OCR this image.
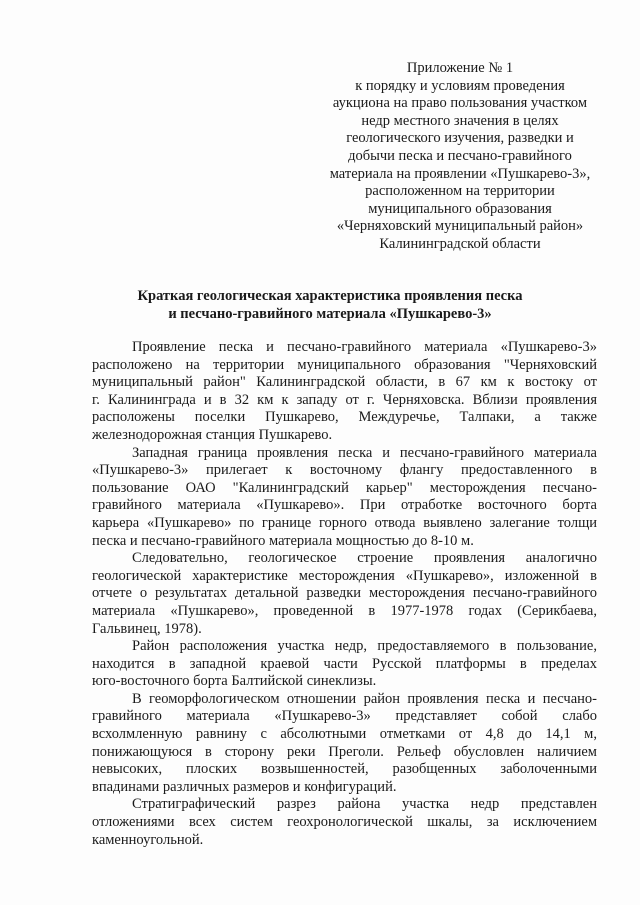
Приложение № 1
к порядку и условиям проведения
аукциона на право пользования участком
недр местного значения в целях
геологического изучения, разведки и
добычи песка и песчано-гравийного
материала на проявлении «Пушкарево-3»,
расположенном на территории
муниципального образования
«Черняховский муниципальный район»
Калининградской области
Краткая геологическая характеристика проявления песка
и песчано-гравийного материала «Пушкарево-3»
Проявление песка и песчано-гравийного материала «Пушкарево-3»
расположено на территории муниципального образования "Черняховский
муниципальный район" Калининградской области, в 67 км к востоку от
г. Калининграда и в 32 км к западу от г. Черняховска. Вблизи проявления
расположены поселки Пушкарево, Междуречье, Талпаки, а также
железнодорожная станция Пушкарево.
Западная граница проявления песка и песчано-гравийного материала
«Пушкарево-3» прилегает к восточному флангу предоставленного в
пользование ОАО "Калининградский карьер" месторождения песчано-
гравийного материала «Пушкарево». При отработке восточного борта
карьера «Пушкарево» по границе горного отвода выявлено залегание толщи
песка и песчано-гравийного материала мощностью до 8-10 м.
Следовательно, геологическое строение проявления аналогично
геологической характеристике месторождения «Пушкарево», изложенной в
отчете о результатах детальной разведки месторождения песчано-гравийного
материала «Пушкарево», проведенной в 1977-1978 годах (Серикбаева,
Гальвинец, 1978).
Район расположения участка недр, предоставляемого в пользование,
находится в западной краевой части Русской платформы в пределах
юго-восточного борта Балтийской синеклизы.
В геоморфологическом отношении район проявления песка и песчано-
гравийного материала «Пушкарево-3» представляет собой слабо
всхолмленную равнину с абсолютными отметками от 4,8 до 14,1 м,
понижающуюся в сторону реки Преголи. Рельеф обусловлен наличием
невысоких, плоских возвышенностей, разобщенных заболоченными
впадинами различных размеров и конфигураций.
Стратиграфический разрез района участка недр представлен
отложениями всех систем геохронологической шкалы, за исключением
каменноугольной.
